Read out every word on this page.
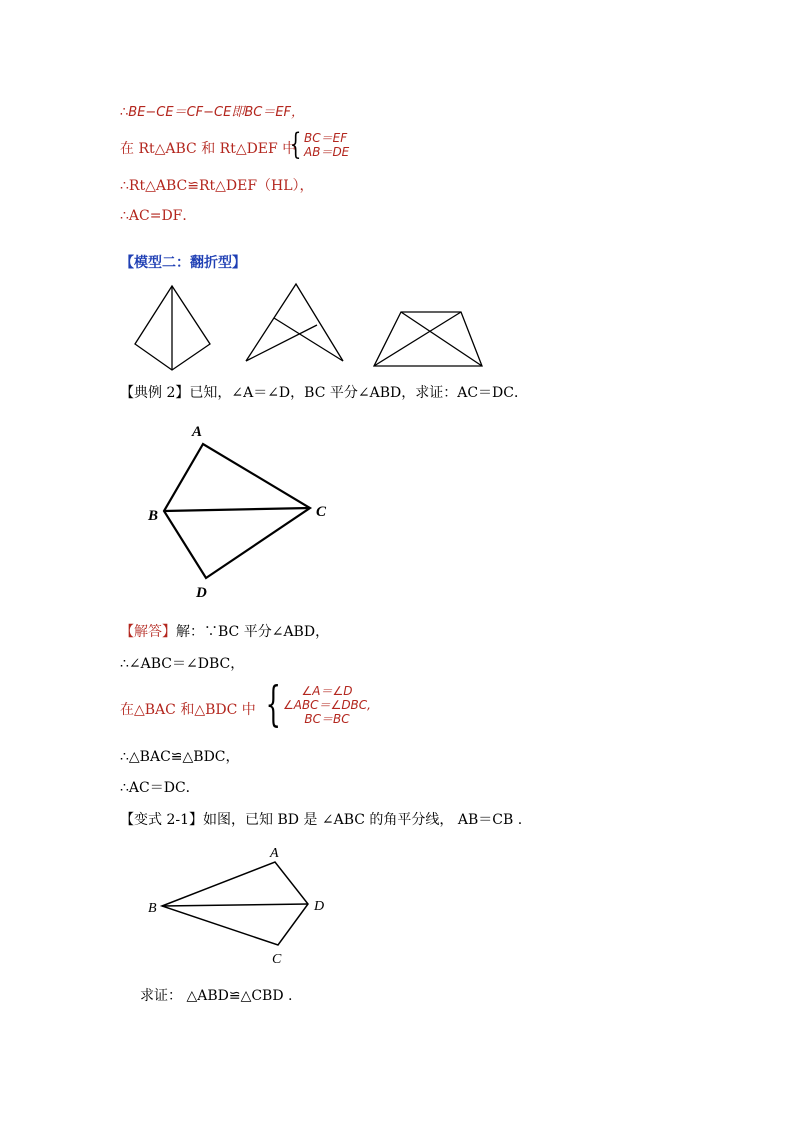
∴BE−CE＝CF−CE即BC＝EF，
在 Rt△ABC 和 Rt△DEF 中
{ BC＝EF
AB＝DE
∴Rt△ABC≌Rt△DEF（HL），
∴AC=DF．
【模型二：翻折型】
【典例 2】已知，∠A＝∠D，BC 平分∠ABD，求证：AC＝DC．
A
B	C
D
【解答】解：∵BC 平分∠ABD，
∴∠ABC＝∠DBC，
在△BAC 和△BDC 中 {	∠A＝∠D
∠ABC＝∠DBC,
BC＝BC
∴△BAC≌△BDC，
∴AC＝DC．
【变式 2-1】如图，已知 BD 是 ∠ABC 的角平分线， AB＝CB .
A
B
C
D
求证： △ABD≌△CBD .
